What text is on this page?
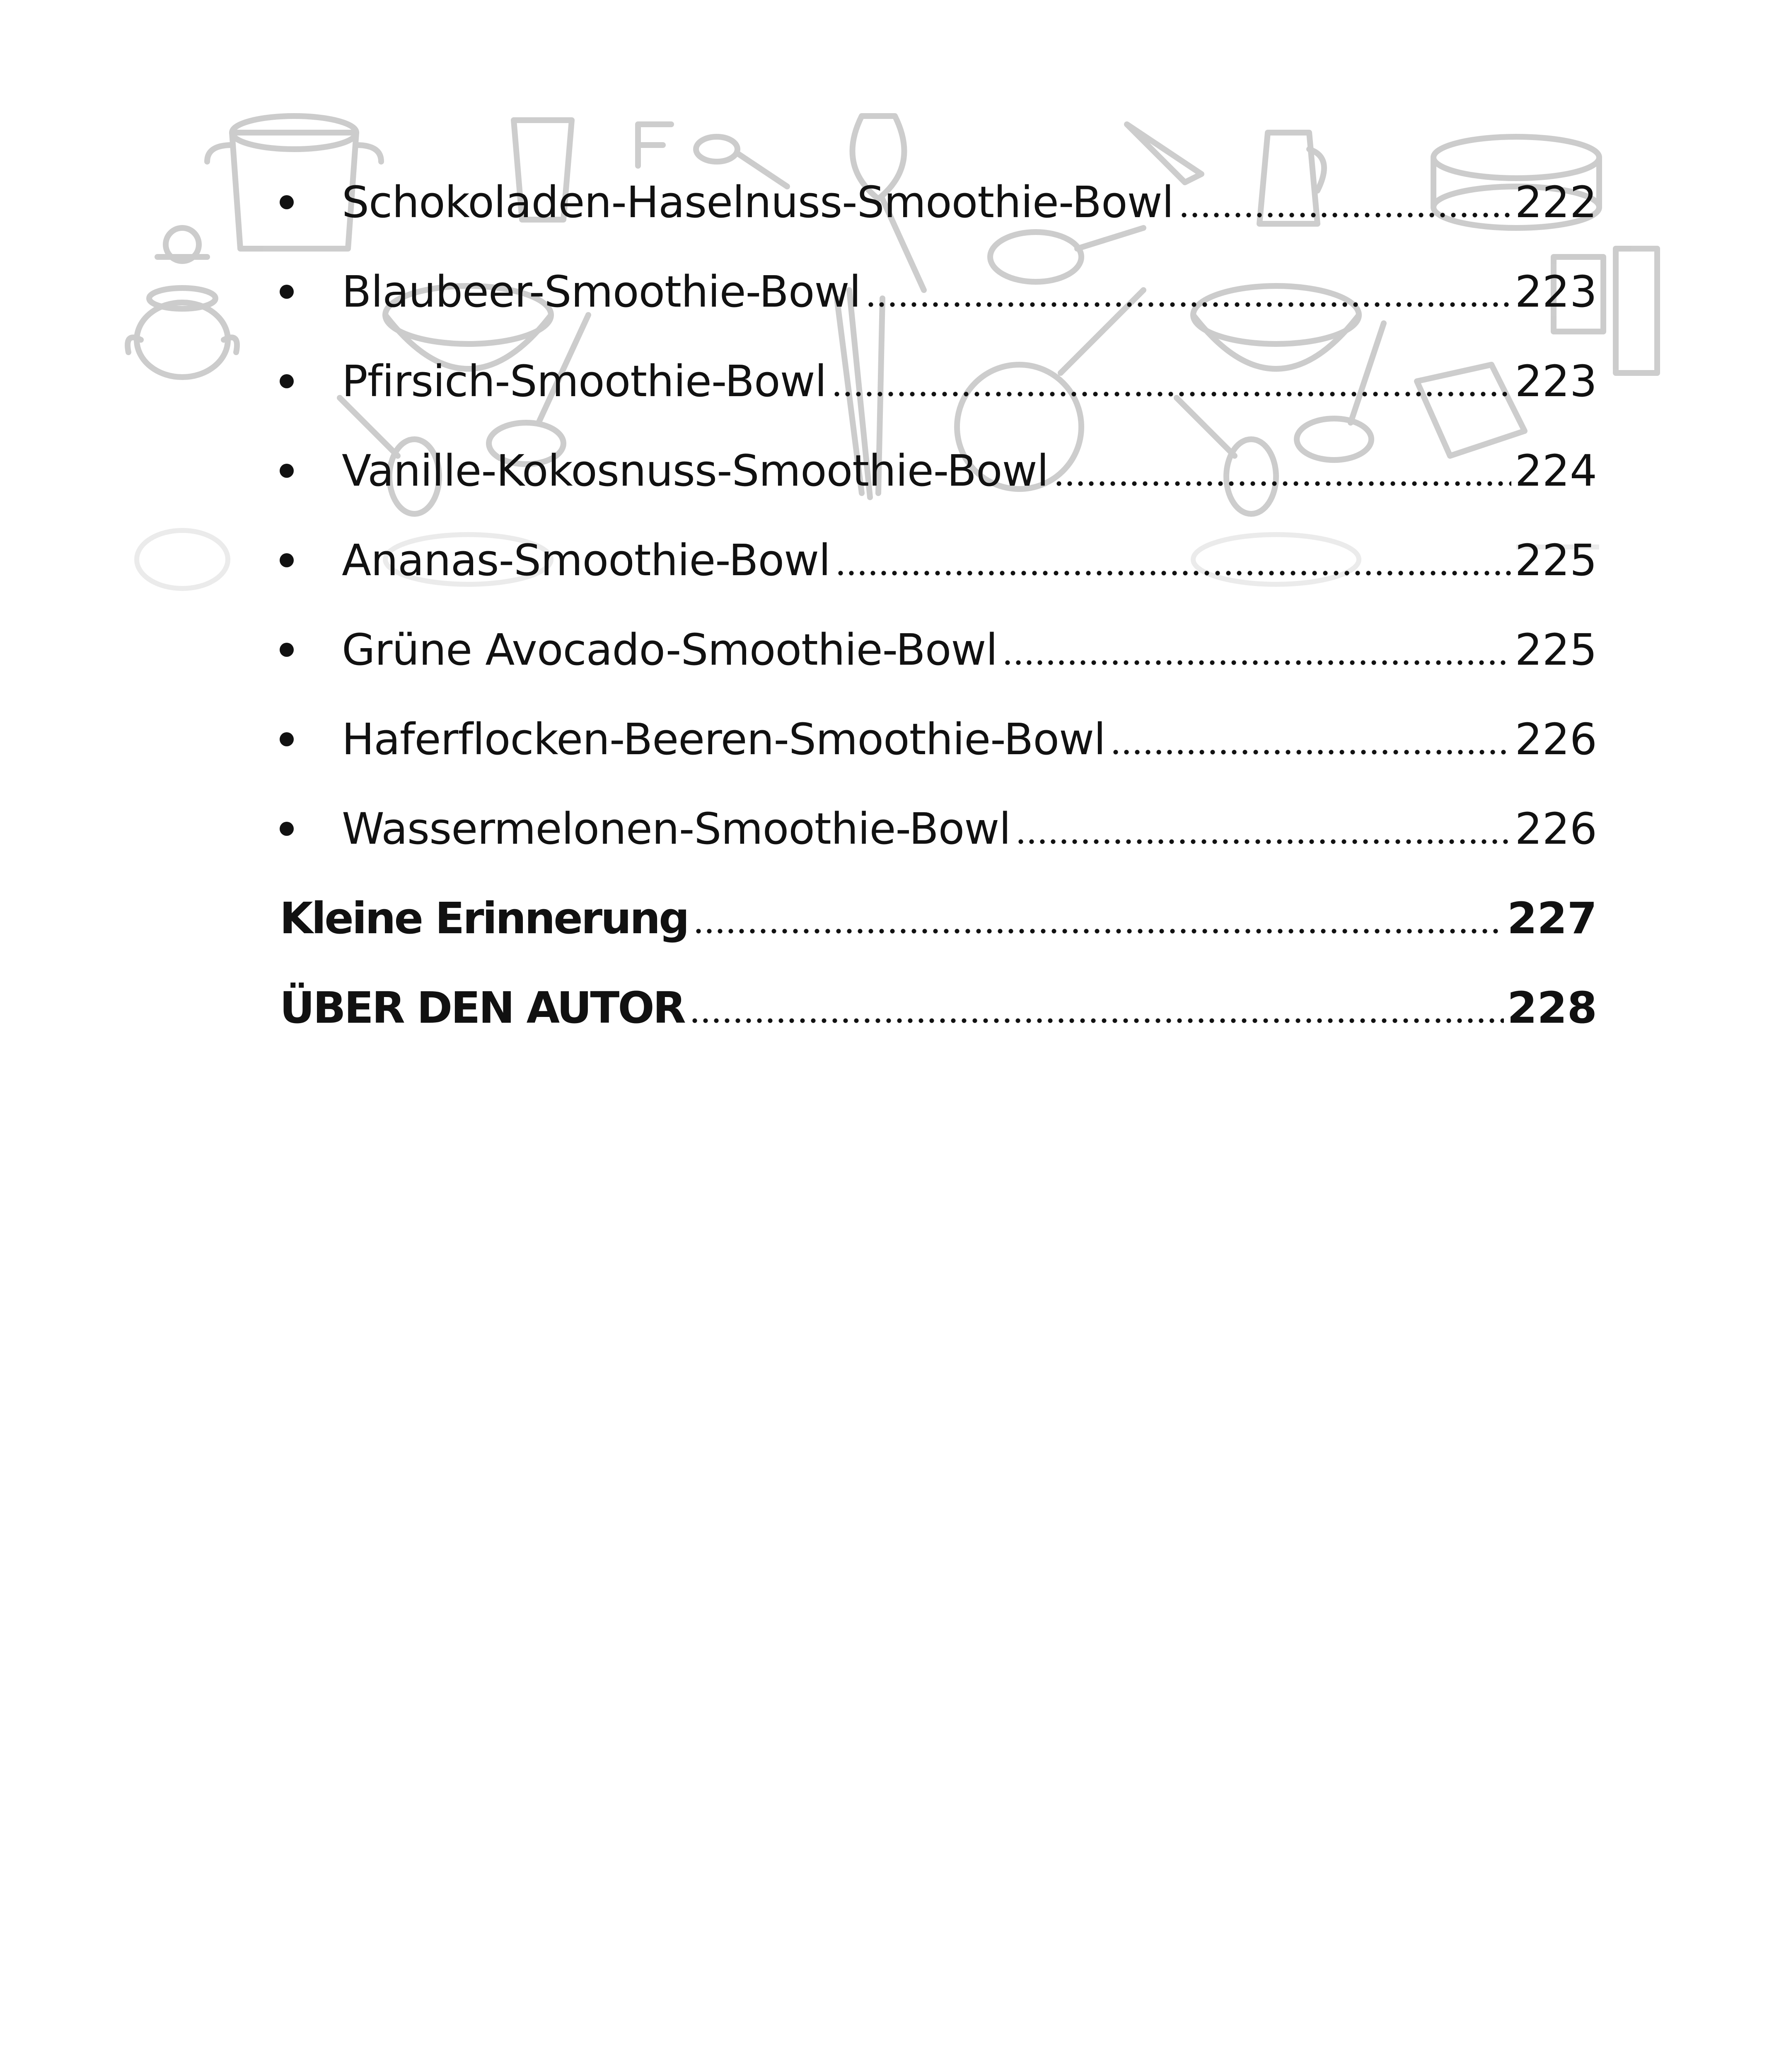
Schokoladen-Haselnuss-Smoothie-Bowl	222
Blaubeer-Smoothie-Bowl	223
Pfirsich-Smoothie-Bowl	223
Vanille-Kokosnuss-Smoothie-Bowl	224
Ananas-Smoothie-Bowl	225
Grüne Avocado-Smoothie-Bowl	225
Haferflocken-Beeren-Smoothie-Bowl	226
Wassermelonen-Smoothie-Bowl	226
Kleine Erinnerung	227
ÜBER DEN AUTOR	228
